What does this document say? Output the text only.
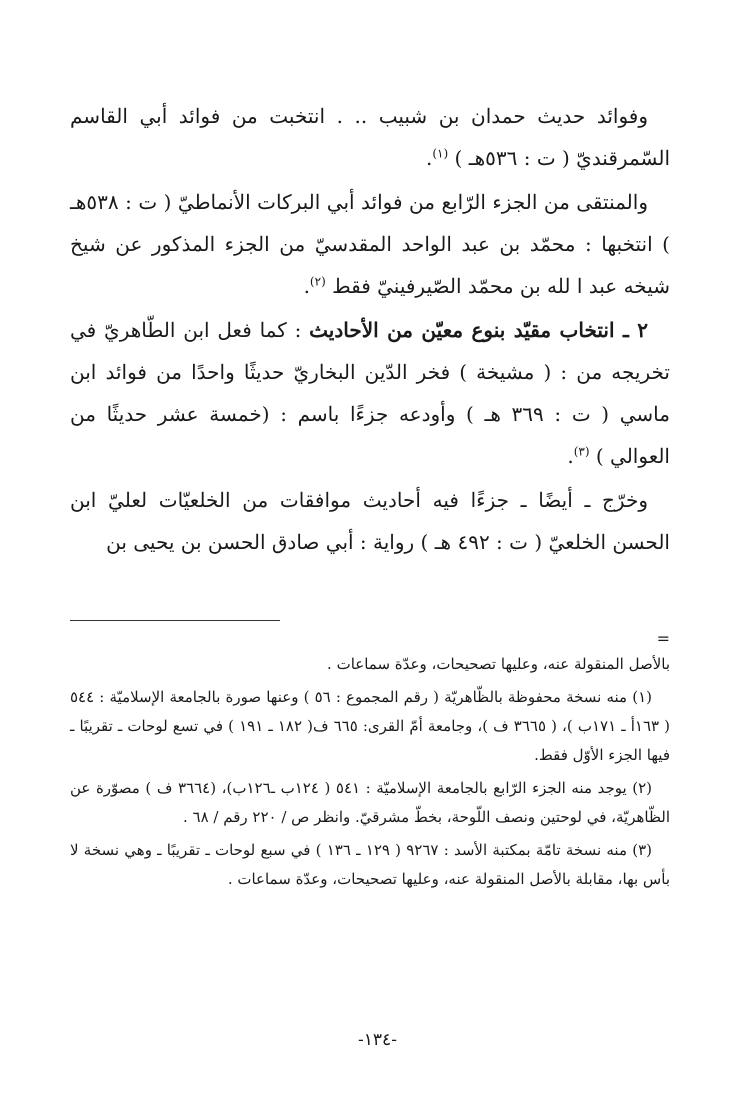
وفوائد حديث حمدان بن شبيب .. . انتخبت من فوائد أبي القاسم السّمرقنديّ ( ت : ٥٣٦هـ ) $^{(١)}$.

والمنتقى من الجزء الرّابع من فوائد أبي البركات الأنماطيّ ( ت : ٥٣٨هـ ) انتخبها : محمّد بن عبد الواحد المقدسيّ من الجزء المذكور عن شيخ شيخه عبد ا لله بن محمّد الصّيرفينيّ فقط $^{(٢)}$.

٢ ـ انتخاب مقيّد بنوع معيّن من الأحاديث : كما فعل ابن الطّاهريّ في تخريجه من : ( مشيخة ) فخر الدّين البخاريّ حديثًا واحدًا من فوائد ابن ماسي ( ت : ٣٦٩ هـ ) وأودعه جزءًا باسم : (خمسة عشر حديثًا من العوالي ) $^{(٣)}$.

وخرّج ـ أيضًا ـ جزءًا فيه أحاديث موافقات من الخلعيّات لعليّ ابن الحسن الخلعيّ ( ت : ٤٩٢ هـ ) رواية : أبي صادق الحسن بن يحيى بن

=

بالأصل المنقولة عنه، وعليها تصحيحات، وعدّة سماعات .

(١) منه نسخة محفوظة بالظّاهريّة ( رقم المجموع : ٥٦ ) وعنها صورة بالجامعة الإسلاميّة : ٥٤٤ ( ١٦٣أ ـ ١٧١ب )، ( ٣٦٦٥ ف )، وجامعة أمّ القرى: ٦٦٥ ف( ١٨٢ ـ ١٩١ ) في تسع لوحات ـ تقريبًا ـ فيها الجزء الأوّل فقط.

(٢) يوجد منه الجزء الرّابع بالجامعة الإسلاميّة : ٥٤١ ( ١٢٤ب ـ١٢٦ب)، (٣٦٦٤ ف ) مصوّرة عن الظّاهريّة، في لوحتين ونصف اللّوحة، بخطّ مشرقيّ. وانظر ص / ٢٢٠ رقم / ٦٨ .

(٣) منه نسخة تامّة بمكتبة الأسد : ٩٢٦٧ ( ١٢٩ ـ ١٣٦ ) في سبع لوحات ـ تقريبًا ـ وهي نسخة لا بأس بها، مقابلة بالأصل المنقولة عنه، وعليها تصحيحات، وعدّة سماعات .

-١٣٤-
